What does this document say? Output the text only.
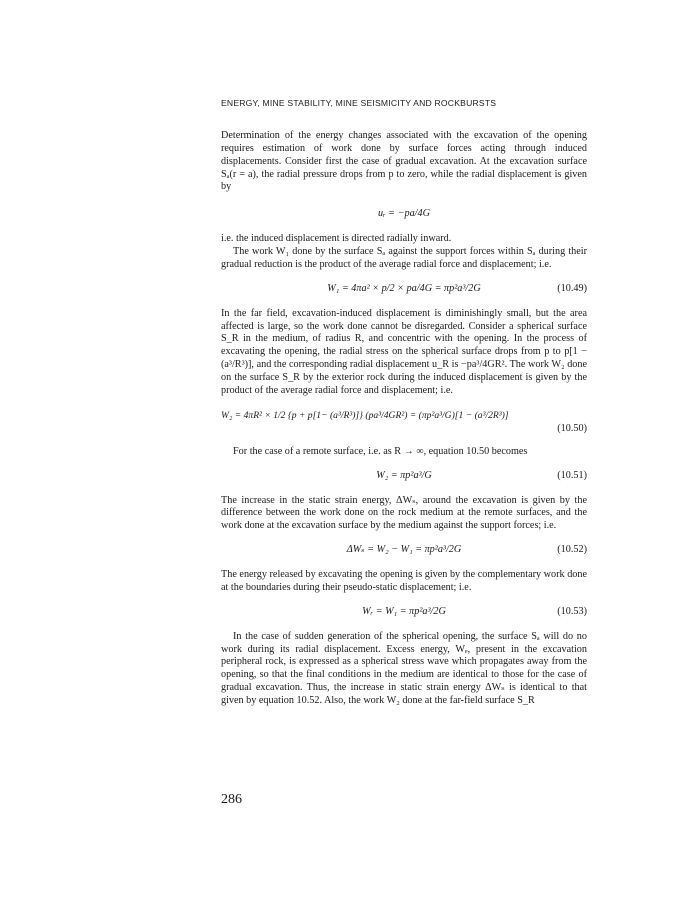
ENERGY, MINE STABILITY, MINE SEISMICITY AND ROCKBURSTS

Determination of the energy changes associated with the excavation of the opening requires estimation of work done by surface forces acting through induced displacements. Consider first the case of gradual excavation. At the excavation surface Sₐ(r = a), the radial pressure drops from p to zero, while the radial displacement is given by

uᵣ = −pa/4G

i.e. the induced displacement is directed radially inward.

The work W₁ done by the surface Sₐ against the support forces within Sₐ during their gradual reduction is the product of the average radial force and displacement; i.e.

W₁ = 4πa² × p/2 × pa/4G = πp²a³/2G	(10.49)

In the far field, excavation-induced displacement is diminishingly small, but the area affected is large, so the work done cannot be disregarded. Consider a spherical surface S_R in the medium, of radius R, and concentric with the opening. In the process of excavating the opening, the radial stress on the spherical surface drops from p to p[1 − (a³/R³)], and the corresponding radial displacement u_R is −pa³/4GR². The work W₂ done on the surface S_R by the exterior rock during the induced displacement is given by the product of the average radial force and displacement; i.e.

W₂ = 4πR² × 1/2 {p + p[1− (a³/R³)]} (pa³/4GR²) = (πp²a³/G)[1 − (a³/2R³)]
(10.50)

For the case of a remote surface, i.e. as R → ∞, equation 10.50 becomes

W₂ = πp²a³/G	(10.51)

The increase in the static strain energy, ΔWₛ, around the excavation is given by the difference between the work done on the rock medium at the remote surfaces, and the work done at the excavation surface by the medium against the support forces; i.e.

ΔWₛ = W₂ − W₁ = πp²a³/2G	(10.52)

The energy released by excavating the opening is given by the complementary work done at the boundaries during their pseudo-static displacement; i.e.

Wᵣ = W₁ = πp²a³/2G	(10.53)

In the case of sudden generation of the spherical opening, the surface Sₐ will do no work during its radial displacement. Excess energy, Wₑ, present in the excavation peripheral rock, is expressed as a spherical stress wave which propagates away from the opening, so that the final conditions in the medium are identical to those for the case of gradual excavation. Thus, the increase in static strain energy ΔWₛ is identical to that given by equation 10.52. Also, the work W₂ done at the far-field surface S_R

286
